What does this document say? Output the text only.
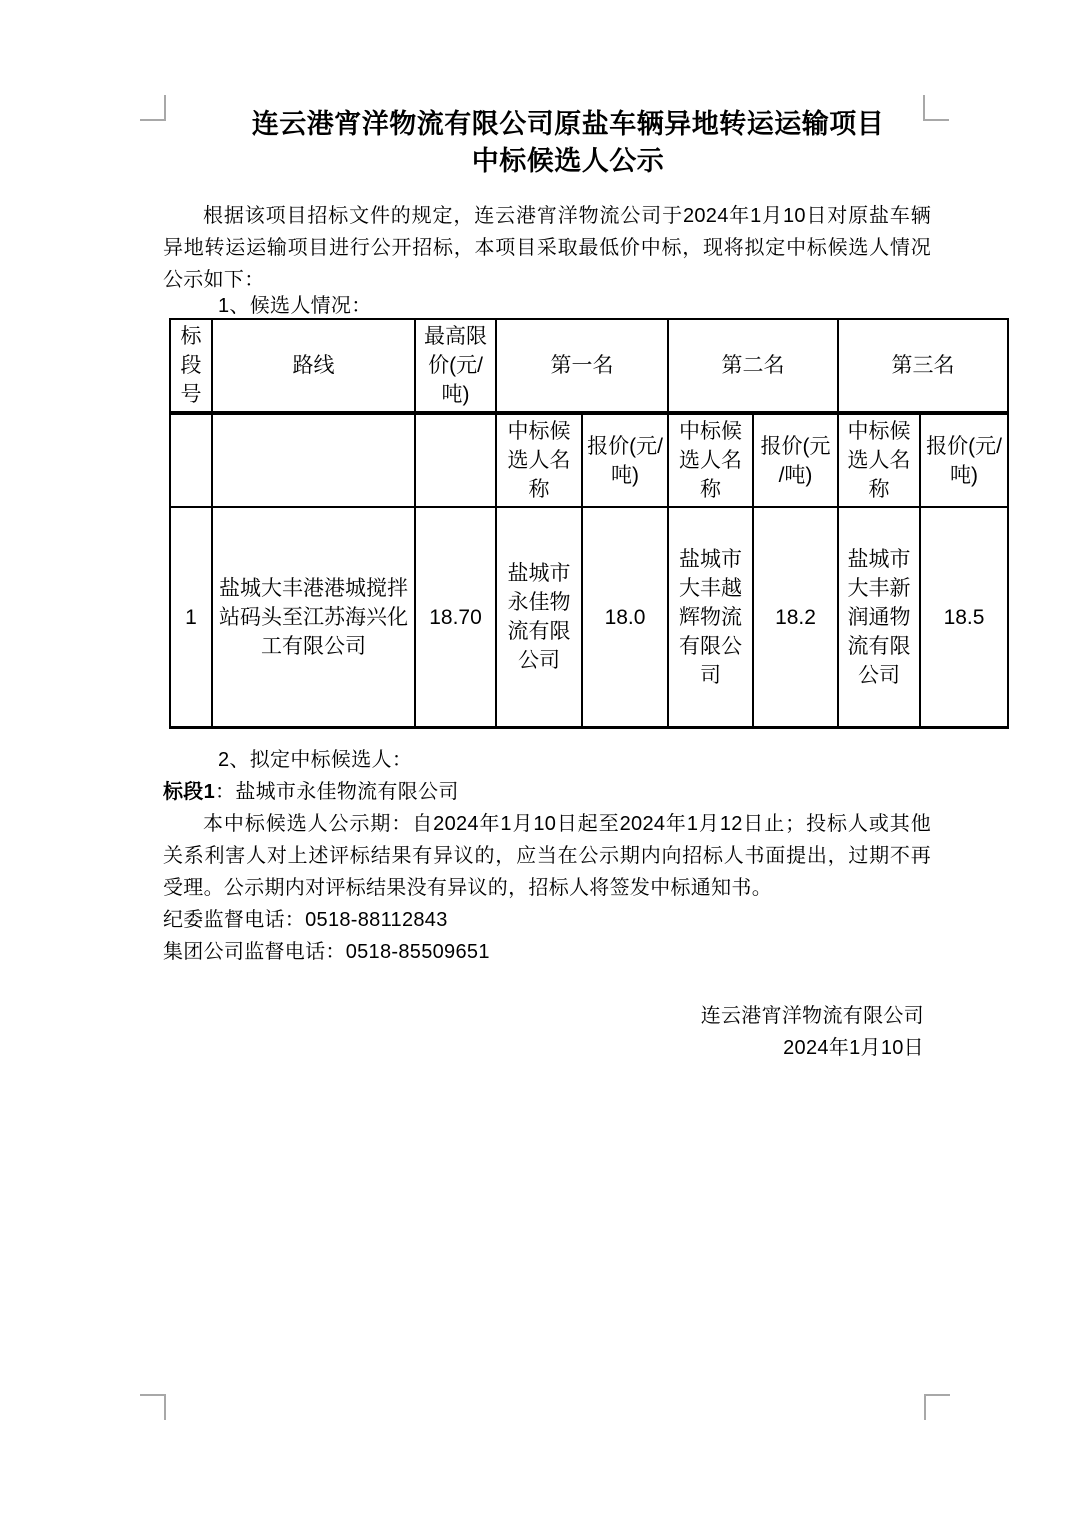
连云港宵洋物流有限公司原盐车辆异地转运运输项目
中标候选人公示

根据该项目招标文件的规定，连云港宵洋物流公司于2024年1月10日对原盐车辆异地转运运输项目进行公开招标，本项目采取最低价中标，现将拟定中标候选人情况公示如下：

1、候选人情况：

标段号	路线	最高限价(元/吨)	第一名		第二名		第三名	
			中标候选人名称	报价(元/吨)	中标候选人名称	报价(元/吨)	中标候选人名称	报价(元/吨)
1	盐城大丰港港城搅拌站码头至江苏海兴化工有限公司	18.70	盐城市永佳物流有限公司	18.0	盐城市大丰越辉物流有限公司	18.2	盐城市大丰新润通物流有限公司	18.5

2、拟定中标候选人：

标段1：盐城市永佳物流有限公司

本中标候选人公示期：自2024年1月10日起至2024年1月12日止；投标人或其他关系利害人对上述评标结果有异议的，应当在公示期内向招标人书面提出，过期不再受理。公示期内对评标结果没有异议的，招标人将签发中标通知书。

纪委监督电话：0518-88112843

集团公司监督电话：0518-85509651

连云港宵洋物流有限公司

2024年1月10日
